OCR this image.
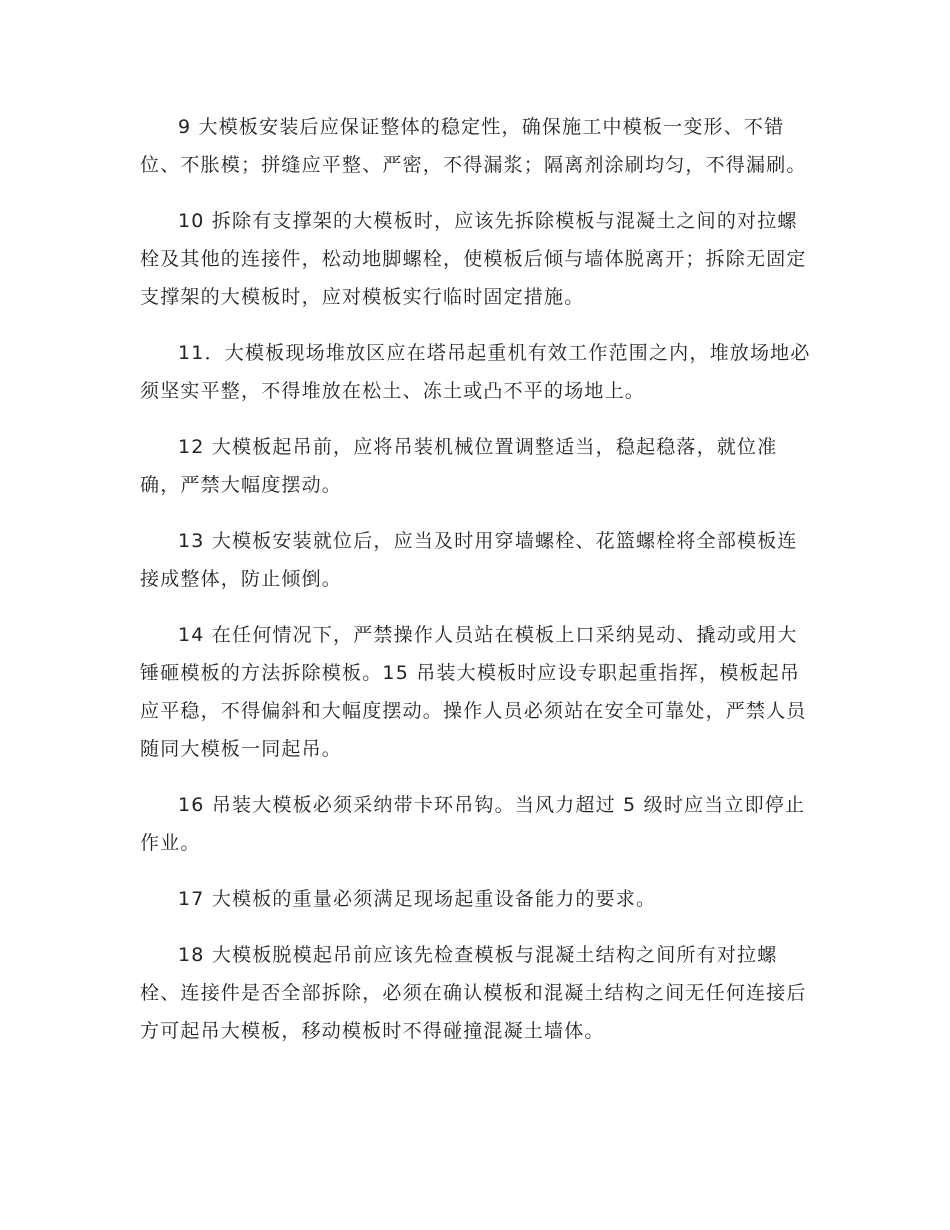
9 大模板安装后应保证整体的稳定性，确保施工中模板一变形、不错位、不胀模；拼缝应平整、严密，不得漏浆；隔离剂涂刷均匀，不得漏刷。

10 拆除有支撑架的大模板时，应该先拆除模板与混凝土之间的对拉螺栓及其他的连接件，松动地脚螺栓，使模板后倾与墙体脱离开；拆除无固定支撑架的大模板时，应对模板实行临时固定措施。

11．大模板现场堆放区应在塔吊起重机有效工作范围之内，堆放场地必须坚实平整，不得堆放在松土、冻土或凸不平的场地上。

12 大模板起吊前，应将吊装机械位置调整适当，稳起稳落，就位准确，严禁大幅度摆动。

13 大模板安装就位后，应当及时用穿墙螺栓、花篮螺栓将全部模板连接成整体，防止倾倒。

14 在任何情况下，严禁操作人员站在模板上口采纳晃动、撬动或用大锤砸模板的方法拆除模板。15 吊装大模板时应设专职起重指挥，模板起吊应平稳，不得偏斜和大幅度摆动。操作人员必须站在安全可靠处，严禁人员随同大模板一同起吊。

16 吊装大模板必须采纳带卡环吊钩。当风力超过 5 级时应当立即停止作业。

17 大模板的重量必须满足现场起重设备能力的要求。

18 大模板脱模起吊前应该先检查模板与混凝土结构之间所有对拉螺栓、连接件是否全部拆除，必须在确认模板和混凝土结构之间无任何连接后方可起吊大模板，移动模板时不得碰撞混凝土墙体。
